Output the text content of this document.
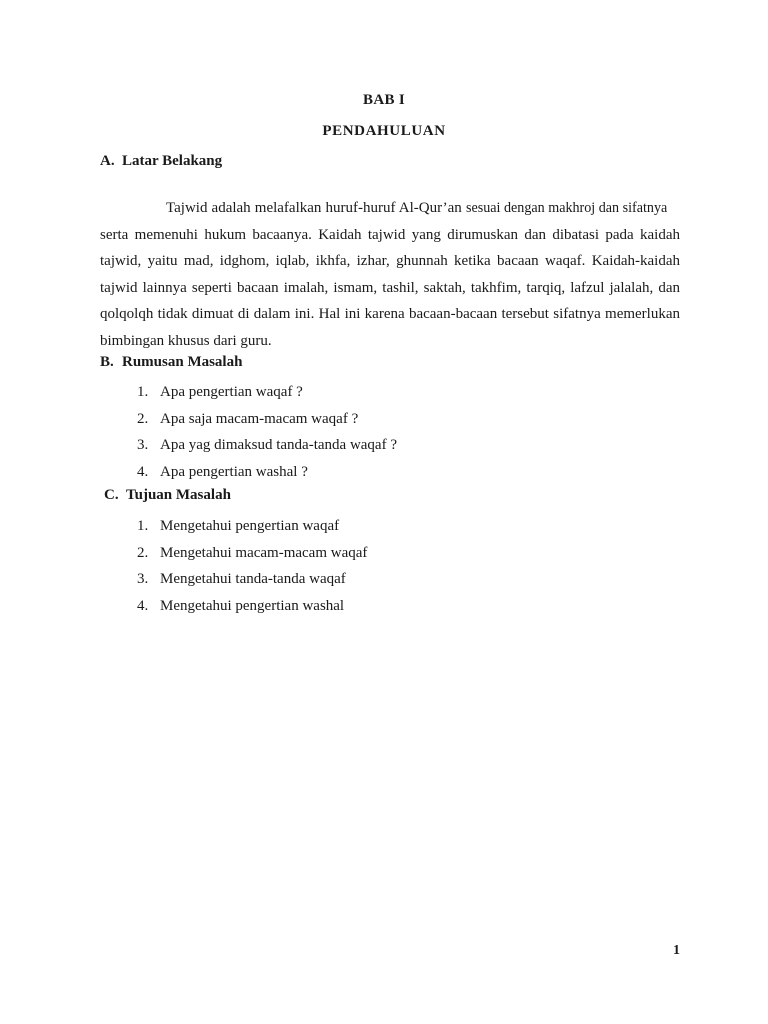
BAB I
PENDAHULUAN
A. Latar Belakang

Tajwid adalah melafalkan huruf-huruf Al-Qur’an sesuai dengan makhroj dan sifatnya serta memenuhi hukum bacaanya. Kaidah tajwid yang dirumuskan dan dibatasi pada kaidah tajwid, yaitu mad, idghom, iqlab, ikhfa, izhar, ghunnah ketika bacaan waqaf. Kaidah-kaidah tajwid lainnya seperti bacaan imalah, ismam, tashil, saktah, takhfim, tarqiq, lafzul jalalah, dan qolqolqh tidak dimuat di dalam ini. Hal ini karena bacaan-bacaan tersebut sifatnya memerlukan bimbingan khusus dari guru.

B. Rumusan Masalah
1. Apa pengertian waqaf ?
2. Apa saja macam-macam waqaf ?
3. Apa yag dimaksud tanda-tanda waqaf ?
4. Apa pengertian washal ?
C. Tujuan Masalah
1. Mengetahui pengertian waqaf
2. Mengetahui macam-macam waqaf
3. Mengetahui tanda-tanda waqaf
4. Mengetahui pengertian washal
1
